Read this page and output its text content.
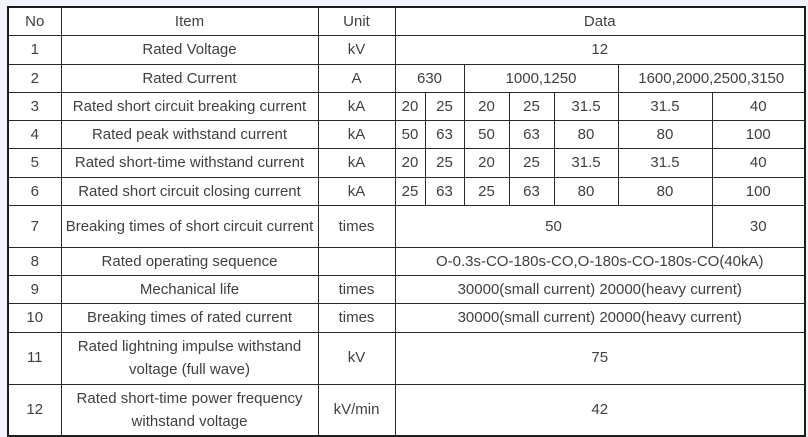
No	Item	Unit	Data						
1	Rated Voltage	kV	12						
2	Rated Current	A	630		1000,1250			1600,2000,2500,3150	
3	Rated short circuit breaking current	kA	20	25	20	25	31.5	31.5	40
4	Rated peak withstand current	kA	50	63	50	63	80	80	100
5	Rated short-time withstand current	kA	20	25	20	25	31.5	31.5	40
6	Rated short circuit closing current	kA	25	63	25	63	80	80	100
7	Breaking times of short circuit current	times	50						30
8	Rated operating sequence		O-0.3s-CO-180s-CO,O-180s-CO-180s-CO(40kA)						
9	Mechanical life	times	30000(small current) 20000(heavy current)						
10	Breaking times of rated current	times	30000(small current) 20000(heavy current)						
11	Rated lightning impulse withstand voltage (full wave)	kV	75						
12	Rated short-time power frequency withstand voltage	kV/min	42						
